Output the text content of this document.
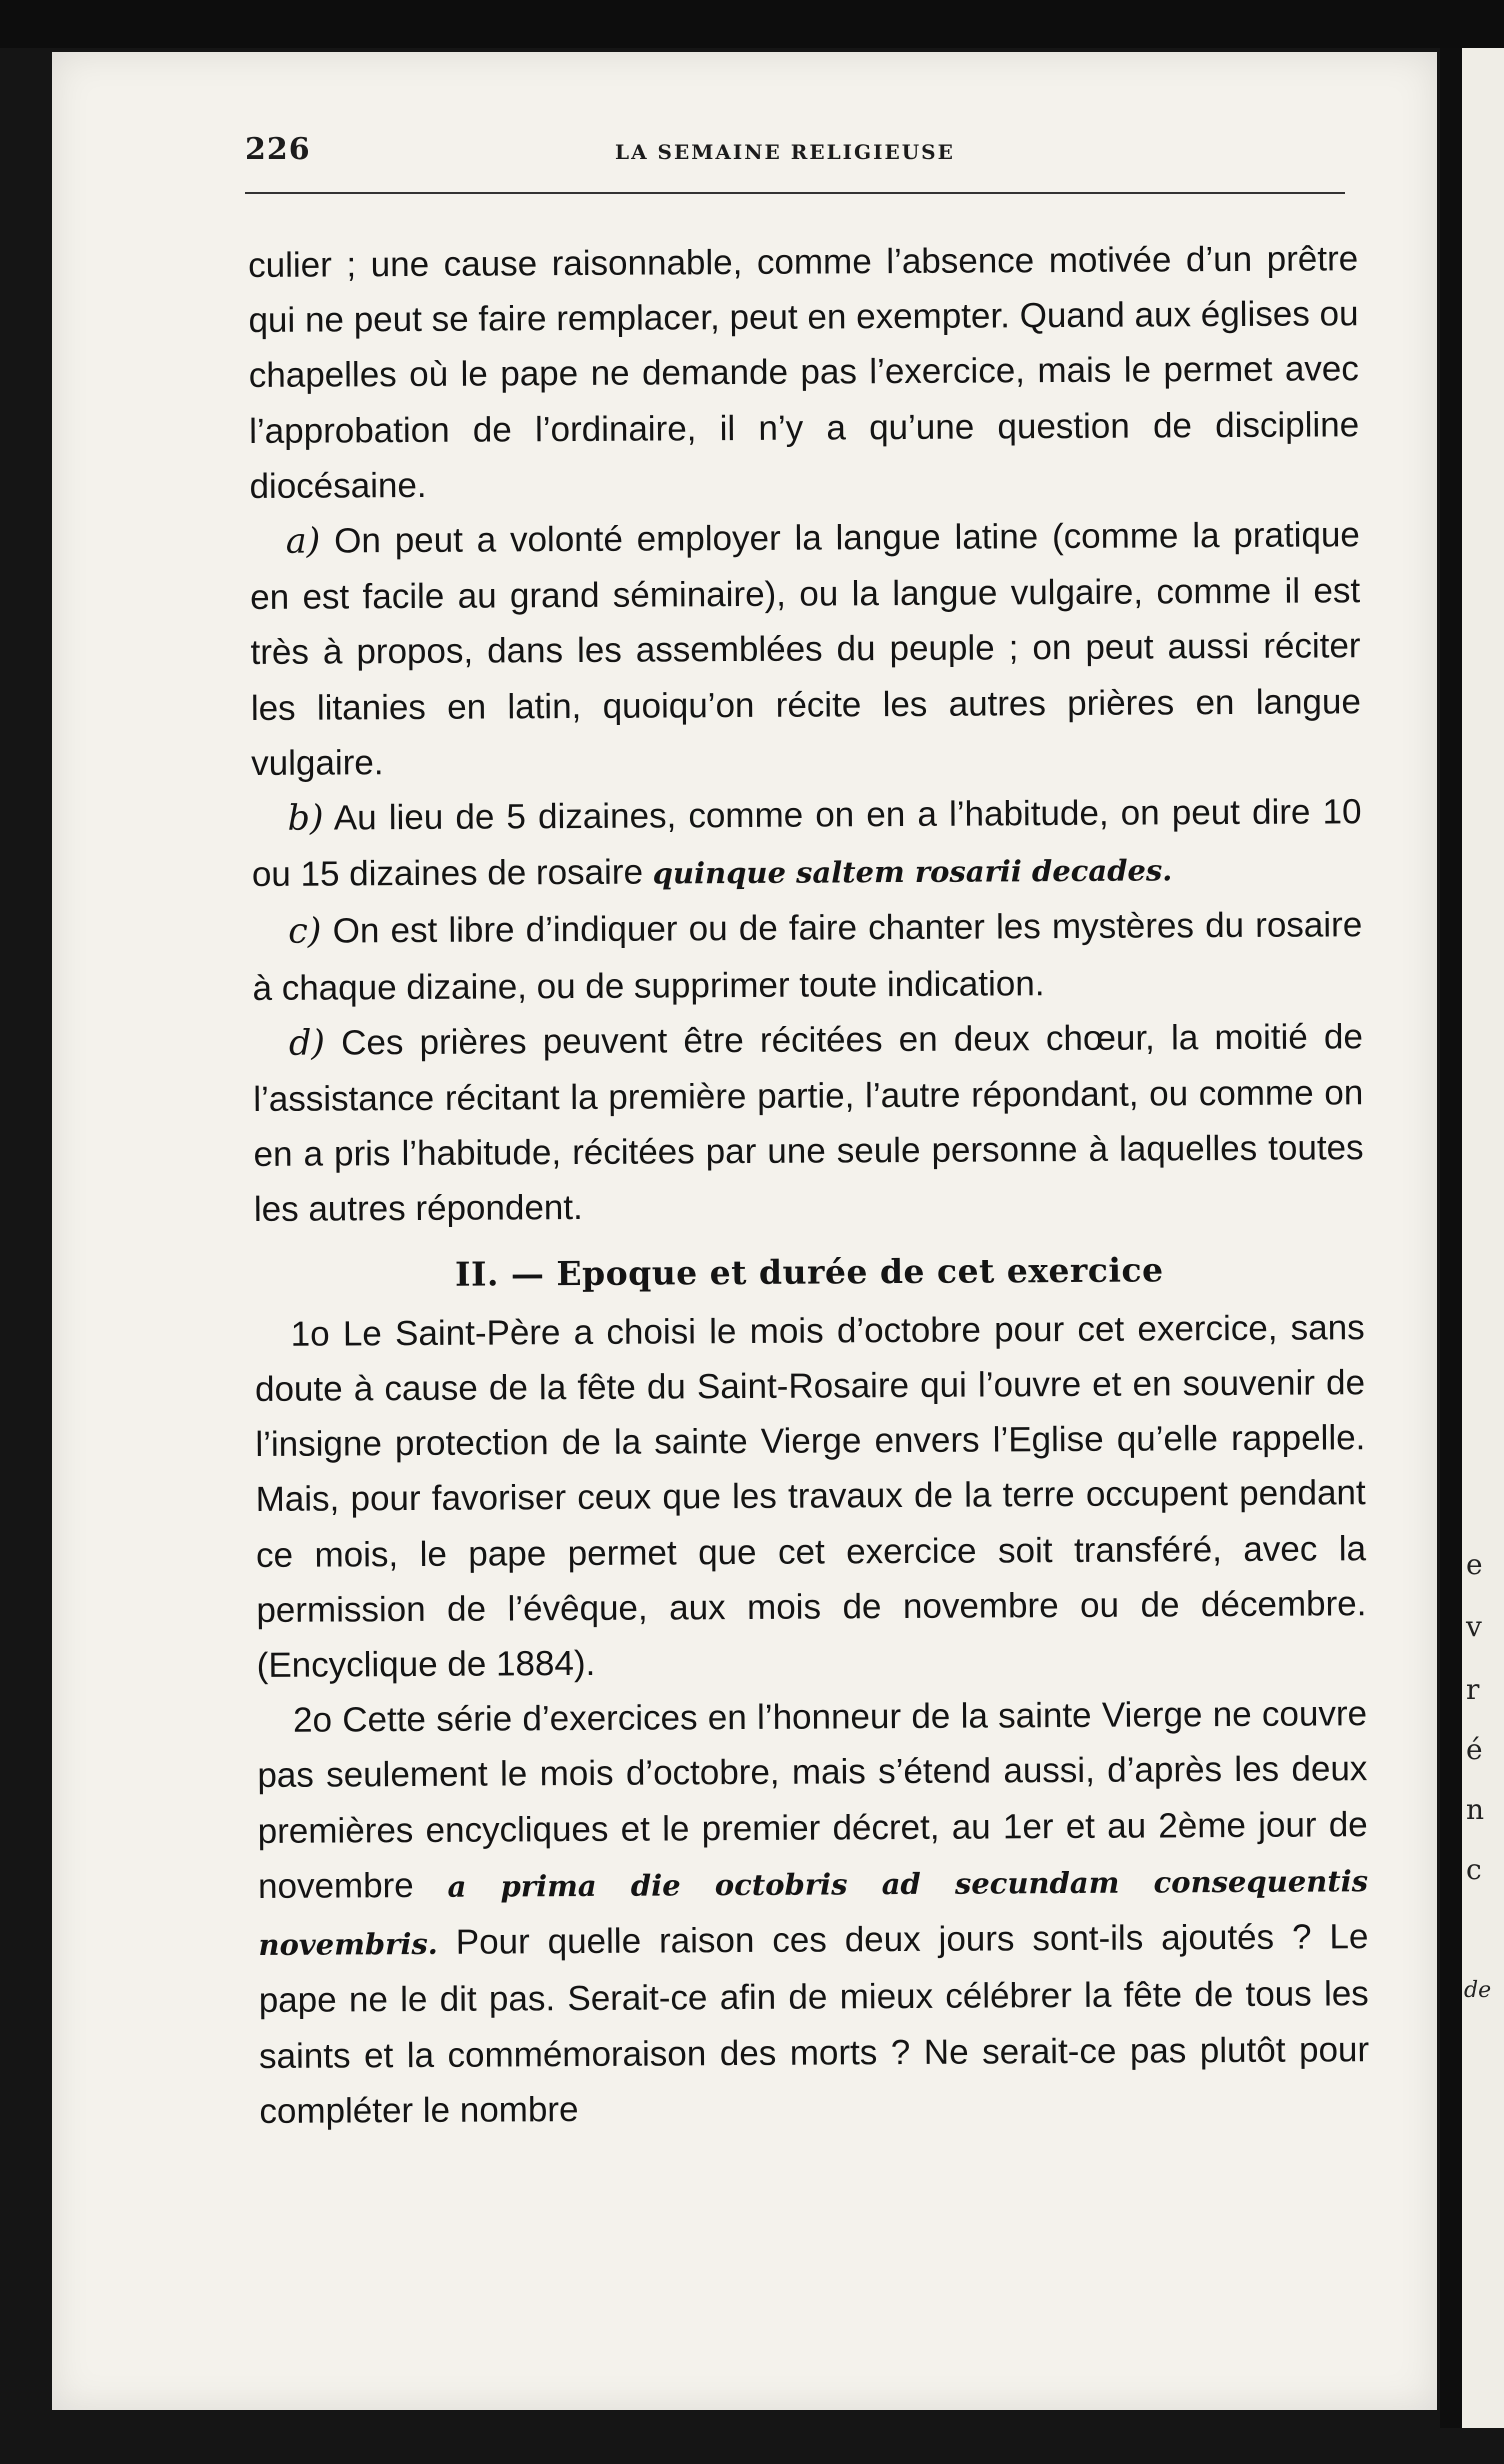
e
v
r
é
n
c
de
226	LA SEMAINE RELIGIEUSE

culier ; une cause raisonnable, comme l’absence motivée d’un prêtre qui ne peut se faire remplacer, peut en exempter. Quand aux églises ou chapelles où le pape ne demande pas l’exercice, mais le permet avec l’approbation de l’ordinaire, il n’y a qu’une question de discipline diocésaine.

a) On peut a volonté employer la langue latine (comme la pratique en est facile au grand séminaire), ou la langue vulgaire, comme il est très à propos, dans les assemblées du peuple ; on peut aussi réciter les litanies en latin, quoiqu’on récite les autres prières en langue vulgaire.

b) Au lieu de 5 dizaines, comme on en a l’habitude, on peut dire 10 ou 15 dizaines de rosaire quinque saltem rosarii decades.

c) On est libre d’indiquer ou de faire chanter les mystères du rosaire à chaque dizaine, ou de supprimer toute indication.

d) Ces prières peuvent être récitées en deux chœur, la moitié de l’assistance récitant la première partie, l’autre répondant, ou comme on en a pris l’habitude, récitées par une seule personne à laquelles toutes les autres répondent.

II. — Epoque et durée de cet exercice

1o Le Saint-Père a choisi le mois d’octobre pour cet exercice, sans doute à cause de la fête du Saint-Rosaire qui l’ouvre et en souvenir de l’insigne protection de la sainte Vierge envers l’Eglise qu’elle rappelle. Mais, pour favoriser ceux que les travaux de la terre occupent pendant ce mois, le pape permet que cet exercice soit transféré, avec la permission de l’évêque, aux mois de novembre ou de décembre. (Encyclique de 1884).

2o Cette série d’exercices en l’honneur de la sainte Vierge ne couvre pas seulement le mois d’octobre, mais s’étend aussi, d’après les deux premières encycliques et le premier décret, au 1er et au 2ème jour de novembre a prima die octobris ad secundam consequentis novembris. Pour quelle raison ces deux jours sont-ils ajoutés ? Le pape ne le dit pas. Serait-ce afin de mieux célébrer la fête de tous les saints et la commémoraison des morts ? Ne serait-ce pas plutôt pour compléter le nombre
